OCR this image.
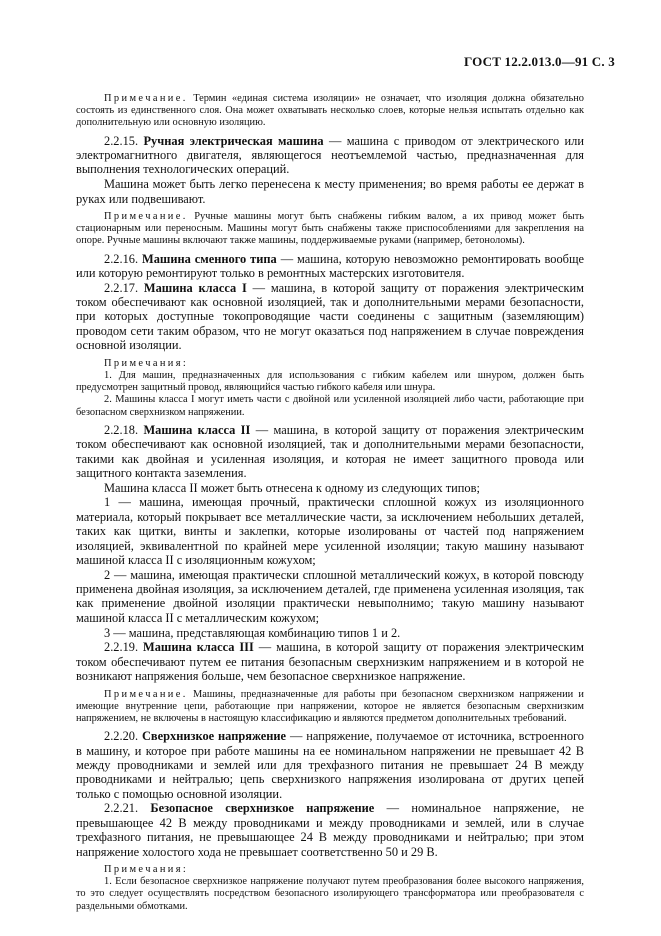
ГОСТ 12.2.013.0—91 С. 3

Примечание. Термин «единая система изоляции» не означает, что изоляция должна обязательно состоять из единственного слоя. Она может охватывать несколько слоев, которые нельзя испытать отдельно как дополнительную или основную изоляцию.

2.2.15. Ручная электрическая машина — машина с приводом от электрического или электромагнитного двигателя, являющегося неотъемлемой частью, предназначенная для выполнения технологических операций.

Машина может быть легко перенесена к месту применения; во время работы ее держат в руках или подвешивают.

Примечание. Ручные машины могут быть снабжены гибким валом, а их привод может быть стационарным или переносным. Машины могут быть снабжены также приспособлениями для закрепления на опоре. Ручные машины включают также машины, поддерживаемые руками (например, бетоноломы).

2.2.16. Машина сменного типа — машина, которую невозможно ремонтировать вообще или которую ремонтируют только в ремонтных мастерских изготовителя.

2.2.17. Машина класса I — машина, в которой защиту от поражения электрическим током обеспечивают как основной изоляцией, так и дополнительными мерами безопасности, при которых доступные токопроводящие части соединены с защитным (заземляющим) проводом сети таким образом, что не могут оказаться под напряжением в случае повреждения основной изоляции.

Примечания:

1. Для машин, предназначенных для использования с гибким кабелем или шнуром, должен быть предусмотрен защитный провод, являющийся частью гибкого кабеля или шнура.

2. Машины класса I могут иметь части с двойной или усиленной изоляцией либо части, работающие при безопасном сверхнизком напряжении.

2.2.18. Машина класса II — машина, в которой защиту от поражения электрическим током обеспечивают как основной изоляцией, так и дополнительными мерами безопасности, такими как двойная и усиленная изоляция, и которая не имеет защитного провода или защитного контакта заземления.

Машина класса II может быть отнесена к одному из следующих типов;

1 — машина, имеющая прочный, практически сплошной кожух из изоляционного материала, который покрывает все металлические части, за исключением небольших деталей, таких как щитки, винты и заклепки, которые изолированы от частей под напряжением изоляцией, эквивалентной по крайней мере усиленной изоляции; такую машину называют машиной класса II с изоляционным кожухом;

2 — машина, имеющая практически сплошной металлический кожух, в которой повсюду применена двойная изоляция, за исключением деталей, где применена усиленная изоляция, так как применение двойной изоляции практически невыполнимо; такую машину называют машиной класса II с металлическим кожухом;

3 — машина, представляющая комбинацию типов 1 и 2.

2.2.19. Машина класса III — машина, в которой защиту от поражения электрическим током обеспечивают путем ее питания безопасным сверхнизким напряжением и в которой не возникают напряжения больше, чем безопасное сверхнизкое напряжение.

Примечание. Машины, предназначенные для работы при безопасном сверхнизком напряжении и имеющие внутренние цепи, работающие при напряжении, которое не является безопасным сверхнизким напряжением, не включены в настоящую классификацию и являются предметом дополнительных требований.

2.2.20. Сверхнизкое напряжение — напряжение, получаемое от источника, встроенного в машину, и которое при работе машины на ее номинальном напряжении не превышает 42 В между проводниками и землей или для трехфазного питания не превышает 24 В между проводниками и нейтралью; цепь сверхнизкого напряжения изолирована от других цепей только с помощью основной изоляции.

2.2.21. Безопасное сверхнизкое напряжение — номинальное напряжение, не превышающее 42 В между проводниками и между проводниками и землей, или в случае трехфазного питания, не превышающее 24 В между проводниками и нейтралью; при этом напряжение холостого хода не превышает соответственно 50 и 29 В.

Примечания:

1. Если безопасное сверхнизкое напряжение получают путем преобразования более высокого напряжения, то это следует осуществлять посредством безопасного изолирующего трансформатора или преобразователя с раздельными обмотками.
